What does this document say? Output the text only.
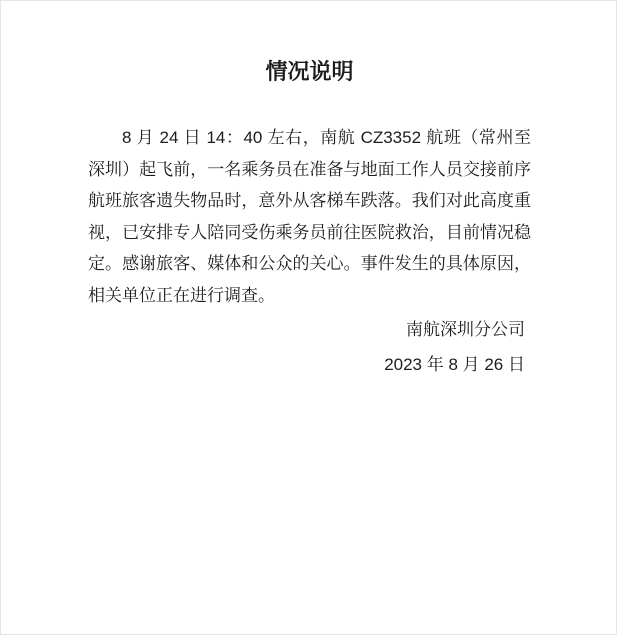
情况说明

8 月 24 日 14：40 左右，南航 CZ3352 航班（常州至深圳）起飞前，一名乘务员在准备与地面工作人员交接前序航班旅客遗失物品时，意外从客梯车跌落。我们对此高度重视，已安排专人陪同受伤乘务员前往医院救治，目前情况稳定。感谢旅客、媒体和公众的关心。事件发生的具体原因，相关单位正在进行调查。

南航深圳分公司
2023 年 8 月 26 日
